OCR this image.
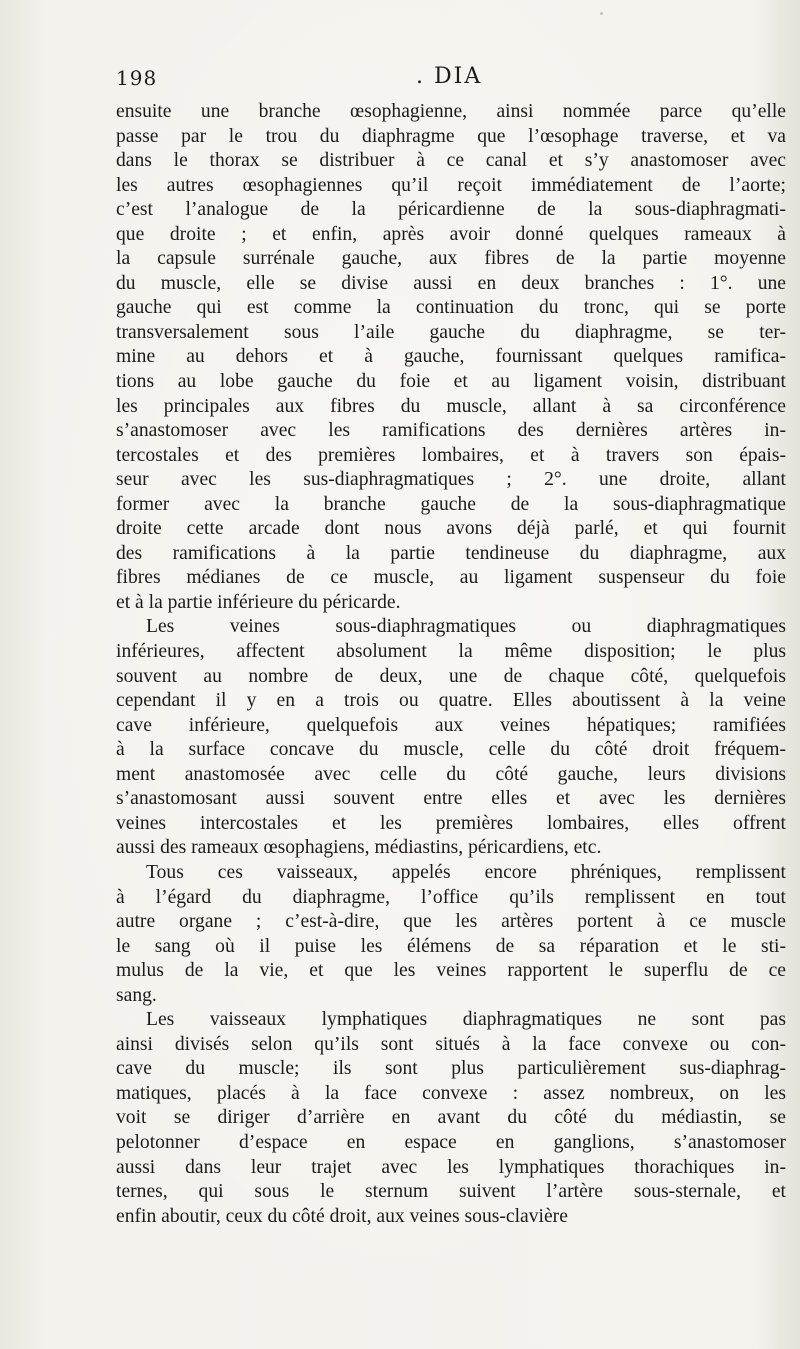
198	. DIA
ensuite une branche œsophagienne, ainsi nommée parce qu’elle
passe par le trou du diaphragme que l’œsophage traverse, et va
dans le thorax se distribuer à ce canal et s’y anastomoser avec
les autres œsophagiennes qu’il reçoit immédiatement de l’aorte;
c’est l’analogue de la péricardienne de la sous-diaphragmati-
que droite ; et enfin, après avoir donné quelques rameaux à
la capsule surrénale gauche, aux fibres de la partie moyenne
du muscle, elle se divise aussi en deux branches : 1°. une
gauche qui est comme la continuation du tronc, qui se porte
transversalement sous l’aile gauche du diaphragme, se ter-
mine au dehors et à gauche, fournissant quelques ramifica-
tions au lobe gauche du foie et au ligament voisin, distribuant
les principales aux fibres du muscle, allant à sa circonférence
s’anastomoser avec les ramifications des dernières artères in-
tercostales et des premières lombaires, et à travers son épais-
seur avec les sus-diaphragmatiques ; 2°. une droite, allant
former avec la branche gauche de la sous-diaphragmatique
droite cette arcade dont nous avons déjà parlé, et qui fournit
des ramifications à la partie tendineuse du diaphragme, aux
fibres médianes de ce muscle, au ligament suspenseur du foie
et à la partie inférieure du péricarde.
Les veines sous-diaphragmatiques ou diaphragmatiques
inférieures, affectent absolument la même disposition; le plus
souvent au nombre de deux, une de chaque côté, quelquefois
cependant il y en a trois ou quatre. Elles aboutissent à la veine
cave inférieure, quelquefois aux veines hépatiques; ramifiées
à la surface concave du muscle, celle du côté droit fréquem-
ment anastomosée avec celle du côté gauche, leurs divisions
s’anastomosant aussi souvent entre elles et avec les dernières
veines intercostales et les premières lombaires, elles offrent
aussi des rameaux œsophagiens, médiastins, péricardiens, etc.
Tous ces vaisseaux, appelés encore phréniques, remplissent
à l’égard du diaphragme, l’office qu’ils remplissent en tout
autre organe ; c’est-à-dire, que les artères portent à ce muscle
le sang où il puise les élémens de sa réparation et le sti-
mulus de la vie, et que les veines rapportent le superflu de ce
sang.
Les vaisseaux lymphatiques diaphragmatiques ne sont pas
ainsi divisés selon qu’ils sont situés à la face convexe ou con-
cave du muscle; ils sont plus particulièrement sus-diaphrag-
matiques, placés à la face convexe : assez nombreux, on les
voit se diriger d’arrière en avant du côté du médiastin, se
pelotonner d’espace en espace en ganglions, s’anastomoser
aussi dans leur trajet avec les lymphatiques thorachiques in-
ternes, qui sous le sternum suivent l’artère sous-sternale, et
enfin aboutir, ceux du côté droit, aux veines sous-clavière
